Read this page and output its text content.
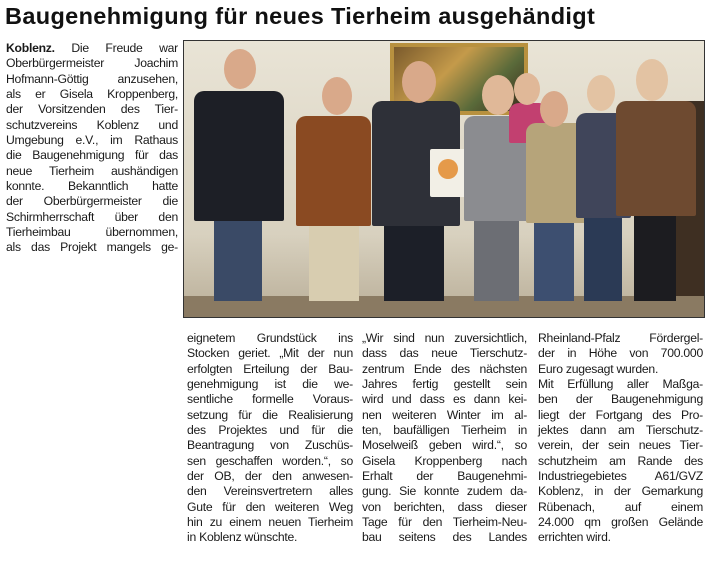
Baugenehmigung für neues Tierheim ausgehändigt
Koblenz. Die Freude war
Oberbürgermeister Joachim
Hofmann-Göttig anzusehen,
als er Gisela Kroppenberg,
der Vorsitzenden des Tier-
schutzvereins Koblenz und
Umgebung e.V., im Rathaus
die Baugenehmigung für das
neue Tierheim aushändigen
konnte. Bekanntlich hatte
der Oberbürgermeister die
Schirmherrschaft über den
Tierheimbau übernommen,
als das Projekt mangels ge-
eignetem Grundstück ins
Stocken geriet. „Mit der nun
erfolgten Erteilung der Bau-
genehmigung ist die we-
sentliche formelle Voraus-
setzung für die Realisierung
des Projektes und für die
Beantragung von Zuschüs-
sen geschaffen worden.“, so
der OB, der den anwesen-
den Vereinsvertretern alles
Gute für den weiteren Weg
hin zu einem neuen Tierheim
in Koblenz wünschte.
„Wir sind nun zuversichtlich,
dass das neue Tierschutz-
zentrum Ende des nächsten
Jahres fertig gestellt sein
wird und dass es dann kei-
nen weiteren Winter im al-
ten, baufälligen Tierheim in
Moselweiß geben wird.“, so
Gisela Kroppenberg nach
Erhalt der Baugenehmi-
gung. Sie konnte zudem da-
von berichten, dass dieser
Tage für den Tierheim-Neu-
bau seitens des Landes
Rheinland-Pfalz Fördergel-
der in Höhe von 700.000
Euro zugesagt wurden.
Mit Erfüllung aller Maßga-
ben der Baugenehmigung
liegt der Fortgang des Pro-
jektes dann am Tierschutz-
verein, der sein neues Tier-
schutzheim am Rande des
Industriegebietes A61/GVZ
Koblenz, in der Gemarkung
Rübenach, auf einem
24.000 qm großen Gelände
errichten wird.
